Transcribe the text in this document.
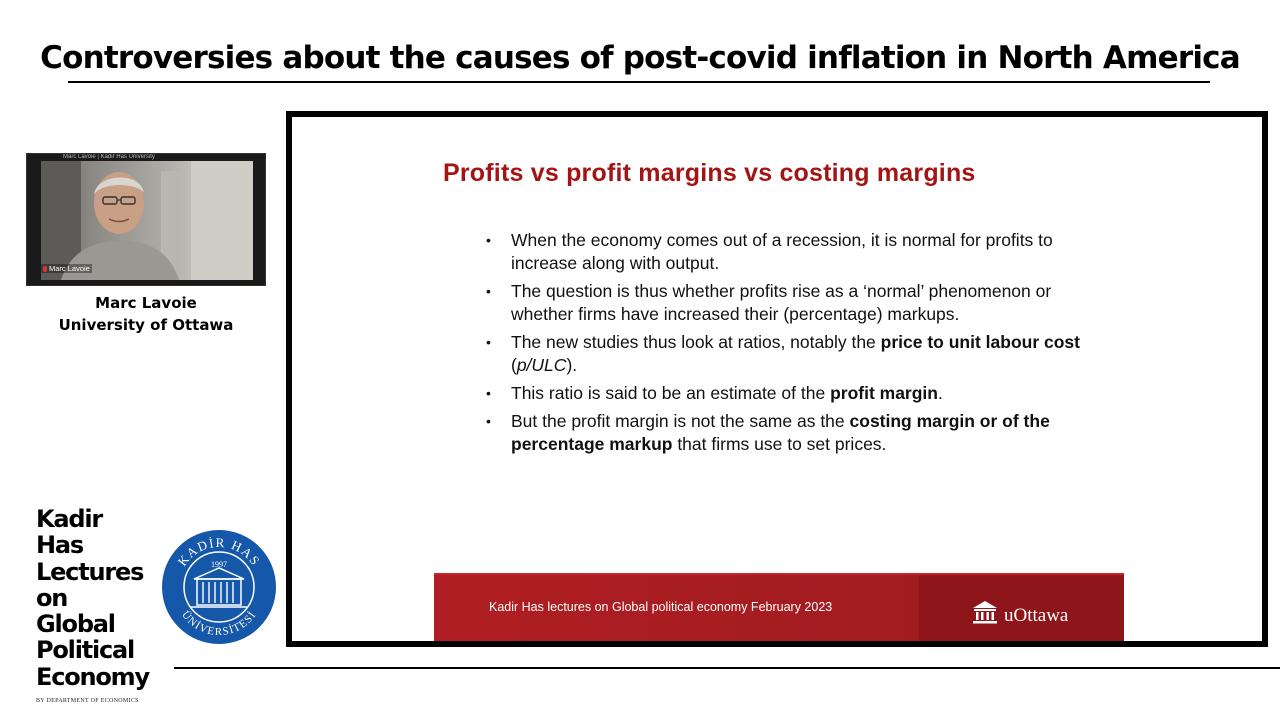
Controversies about the causes of post-covid inflation in North America
Marc Lavoie | Kadir Has University
Marc Lavoie
Marc Lavoie
University of Ottawa
Kadir
Has
Lectures
on
Global
Political
Economy
BY DEPARTMENT OF ECONOMICS
KADİR HAS
ÜNİVERSİTESİ
1997
Profits vs profit margins vs costing margins
• When the economy comes out of a recession, it is normal for profits to increase along with output.
• The question is thus whether profits rise as a ‘normal’ phenomenon or whether firms have increased their (percentage) markups.
• The new studies thus look at ratios, notably the price to unit labour cost (p/ULC).
• This ratio is said to be an estimate of the profit margin.
• But the profit margin is not the same as the costing margin or of the percentage markup that firms use to set prices.
Kadir Has lectures on Global political economy February 2023	uOttawa
